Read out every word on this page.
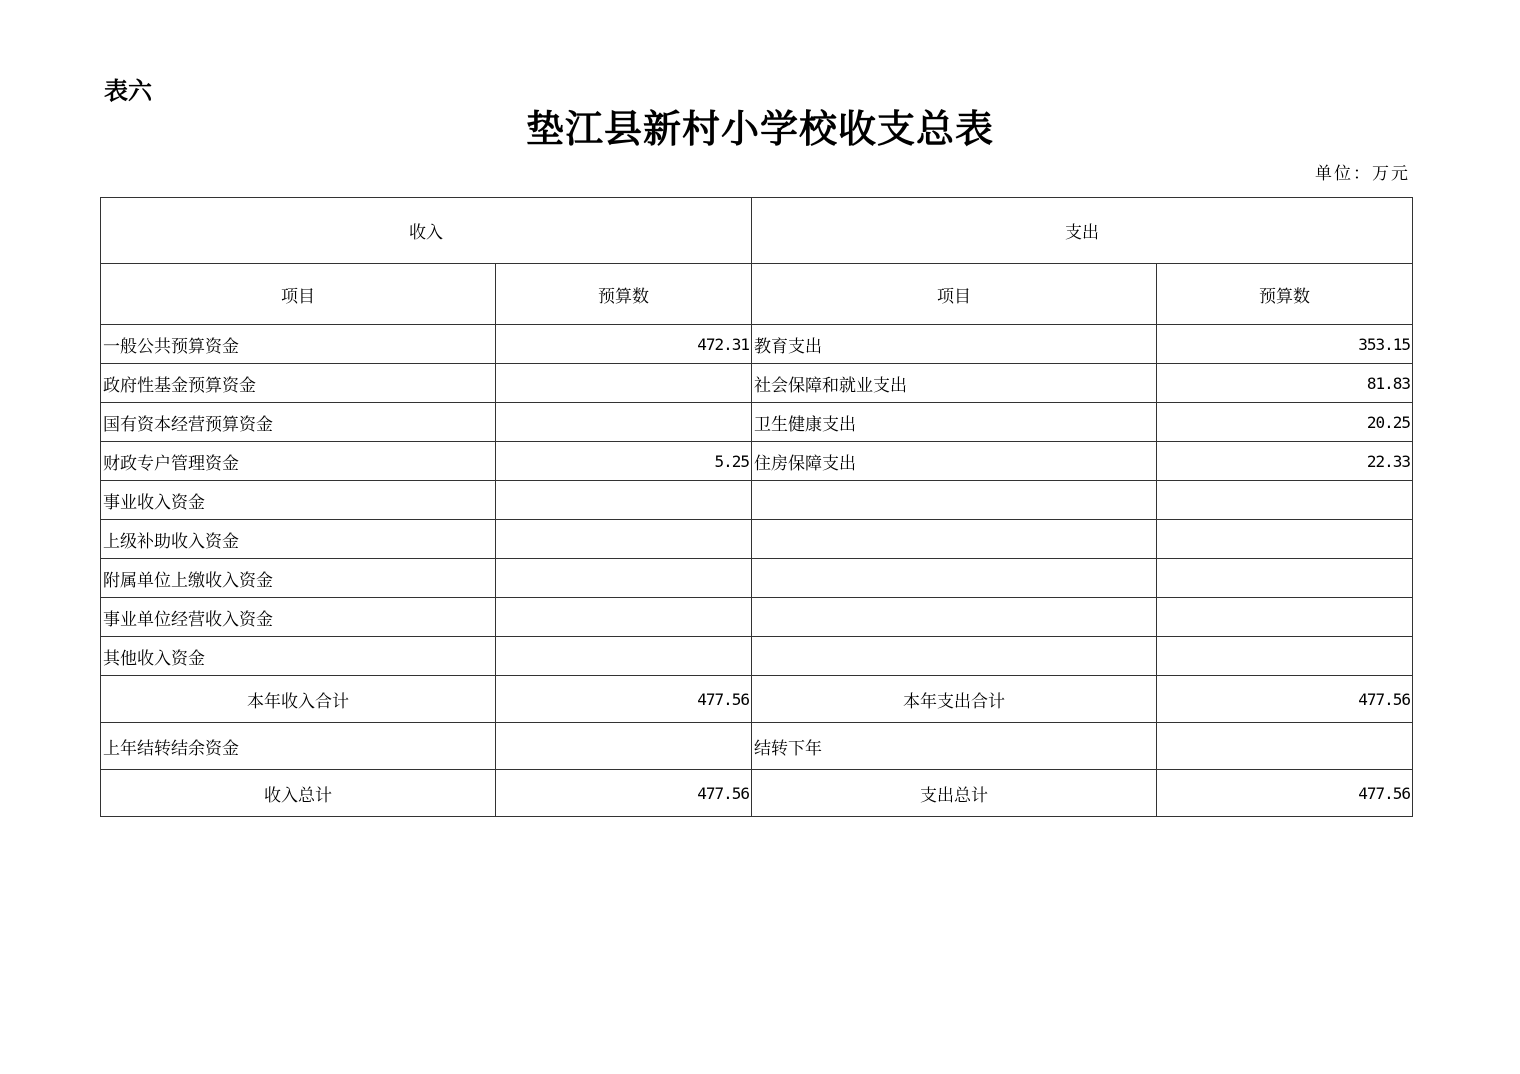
表六
垫江县新村小学校收支总表
单位：万元
收入		支出	
项目	预算数	项目	预算数
一般公共预算资金	472.31	教育支出	353.15
政府性基金预算资金		社会保障和就业支出	81.83
国有资本经营预算资金		卫生健康支出	20.25
财政专户管理资金	5.25	住房保障支出	22.33
事业收入资金			
上级补助收入资金			
附属单位上缴收入资金			
事业单位经营收入资金			
其他收入资金			
本年收入合计	477.56	本年支出合计	477.56
上年结转结余资金		结转下年	
收入总计	477.56	支出总计	477.56
